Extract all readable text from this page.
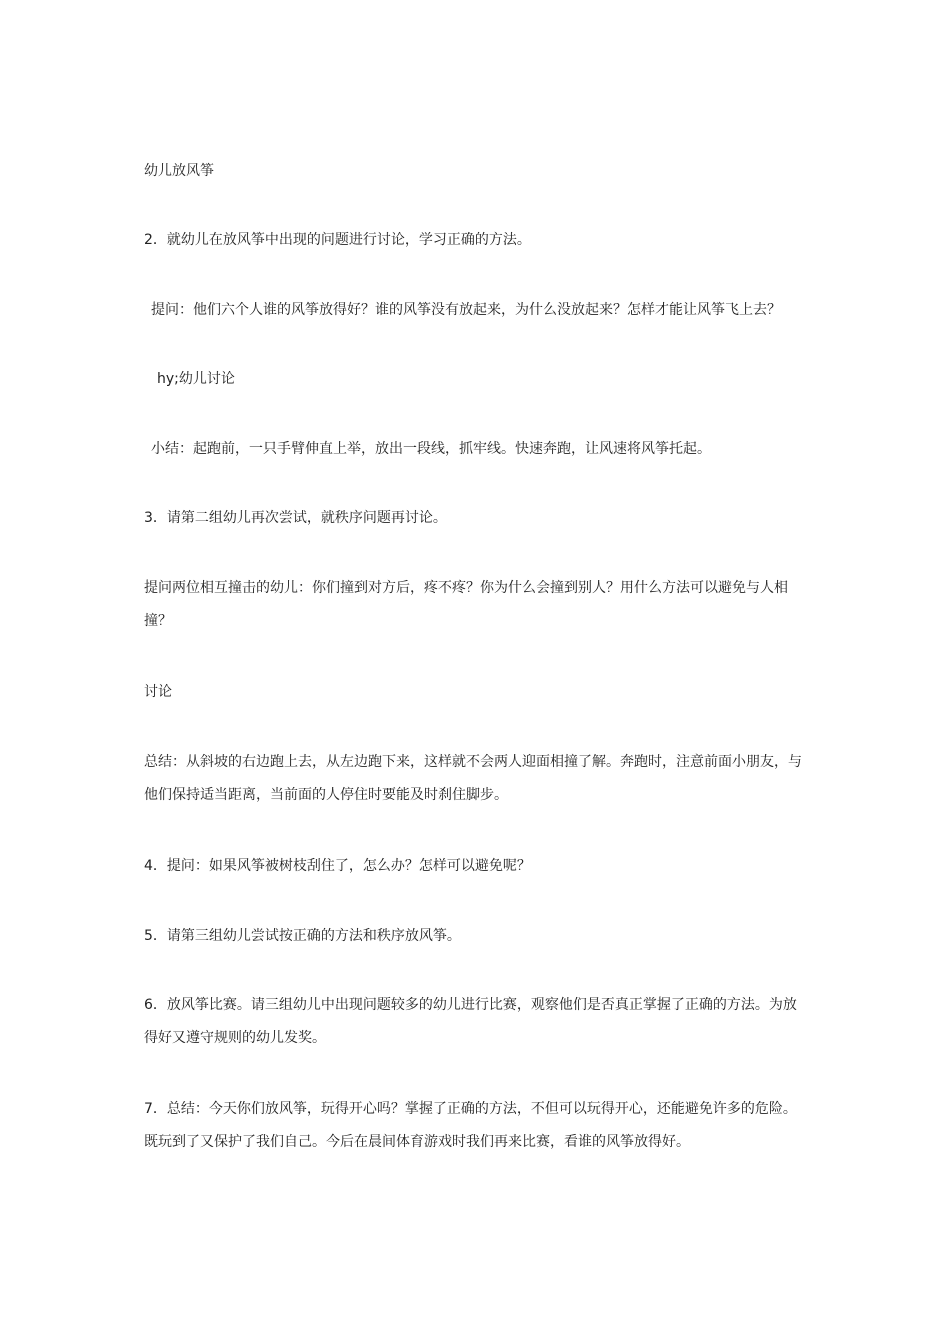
幼儿放风筝

2．就幼儿在放风筝中出现的问题进行讨论，学习正确的方法。

提问：他们六个人谁的风筝放得好？谁的风筝没有放起来，为什么没放起来？怎样才能让风筝飞上去？

hy;幼儿讨论

小结：起跑前，一只手臂伸直上举，放出一段线，抓牢线。快速奔跑，让风速将风筝托起。

3．请第二组幼儿再次尝试，就秩序问题再讨论。

提问两位相互撞击的幼儿：你们撞到对方后，疼不疼？你为什么会撞到别人？用什么方法可以避免与人相撞？

讨论

总结：从斜坡的右边跑上去，从左边跑下来，这样就不会两人迎面相撞了解。奔跑时，注意前面小朋友，与他们保持适当距离，当前面的人停住时要能及时刹住脚步。

4．提问：如果风筝被树枝刮住了，怎么办？怎样可以避免呢？

5．请第三组幼儿尝试按正确的方法和秩序放风筝。

6．放风筝比赛。请三组幼儿中出现问题较多的幼儿进行比赛，观察他们是否真正掌握了正确的方法。为放得好又遵守规则的幼儿发奖。

7．总结：今天你们放风筝，玩得开心吗？掌握了正确的方法，不但可以玩得开心，还能避免许多的危险。既玩到了又保护了我们自己。今后在晨间体育游戏时我们再来比赛，看谁的风筝放得好。
